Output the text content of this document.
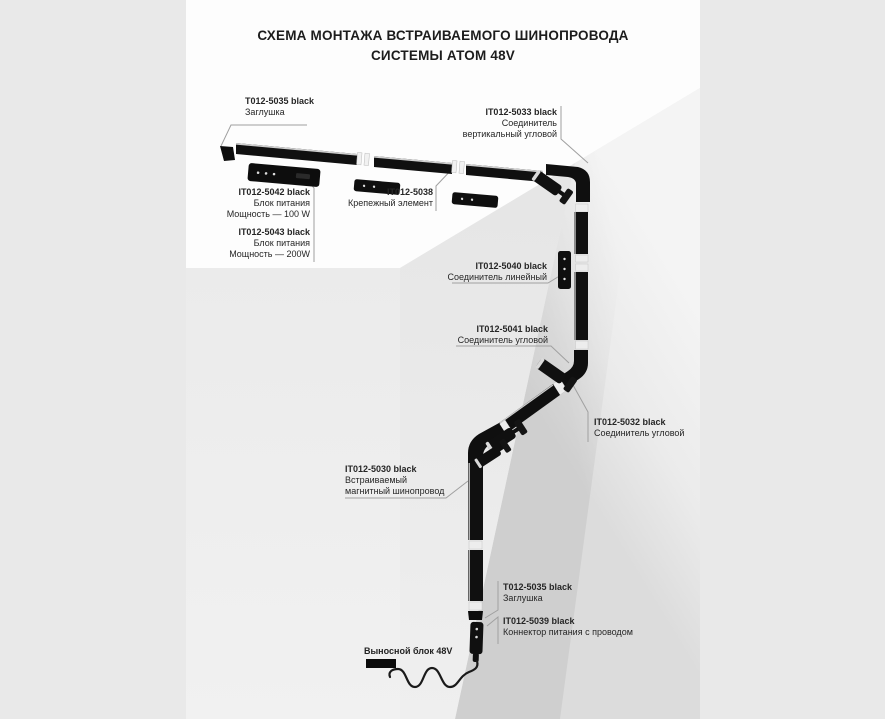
СХЕМА МОНТАЖА ВСТРАИВАЕМОГО ШИНОПРОВОДА
СИСТЕМЫ АТОМ 48V
T012-5035 black
Заглушка	IT012-5033 black
Соединитель
вертикальный угловой
IT012-5042 black
Блок питания
Мощность — 100 W
IT012-5043 black
Блок питания
Мощность — 200W
IT012-5038
Крепежный элемент
IT012-5040 black
Соединитель линейный
IT012-5041 black
Соединитель угловой
IT012-5032 black
Соединитель угловой
IT012-5030 black
Встраиваемый
магнитный шинопровод
T012-5035 black
Заглушка
IT012-5039 black
Коннектор питания с проводом
Выносной блок 48V
